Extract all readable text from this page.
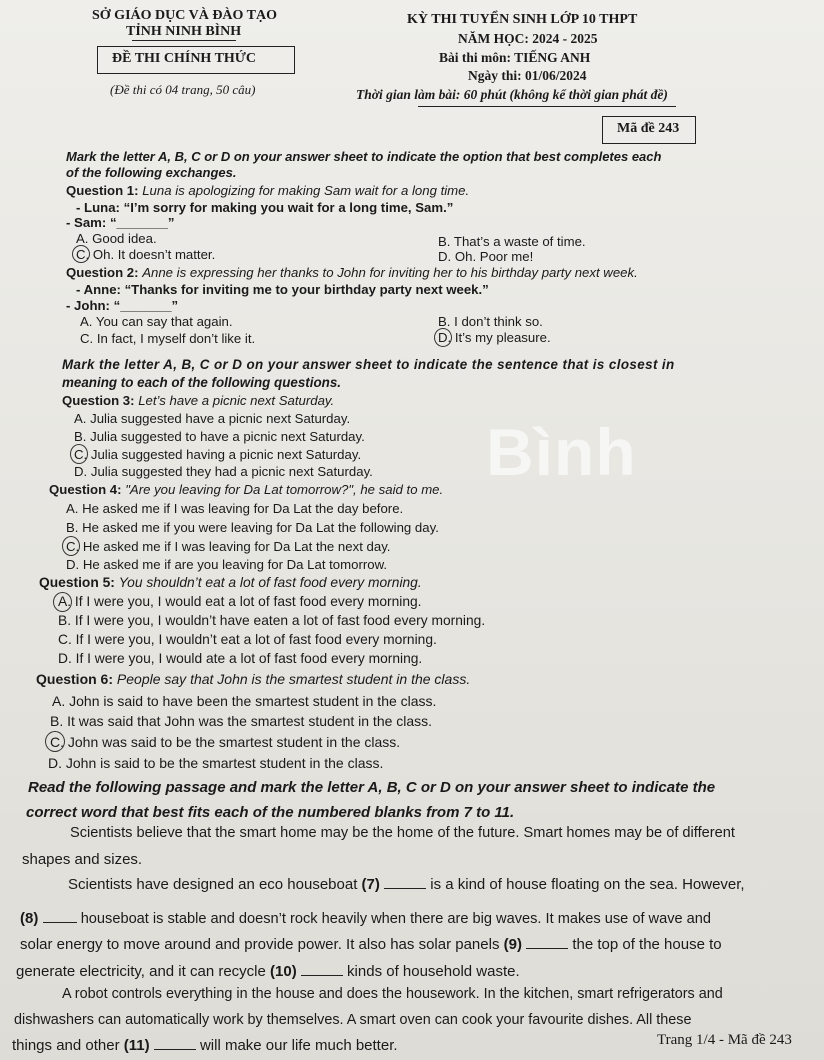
SỞ GIÁO DỤC VÀ ĐÀO TẠO
TỈNH NINH BÌNH
ĐỀ THI CHÍNH THỨC
(Đề thi có 04 trang, 50 câu)
KỲ THI TUYỂN SINH LỚP 10 THPT
NĂM HỌC: 2024 - 2025
Bài thi môn: TIẾNG ANH
Ngày thi: 01/06/2024
Thời gian làm bài: 60 phút (không kể thời gian phát đề)
Mã đề 243
Mark the letter A, B, C or D on your answer sheet to indicate the option that best completes each
of the following exchanges.
Question 1: Luna is apologizing for making Sam wait for a long time.
- Luna: “I’m sorry for making you wait for a long time, Sam.”
- Sam: “_______”
A. Good idea.	B. That’s a waste of time.
C. Oh. It doesn’t matter.	D. Oh. Poor me!
Question 2: Anne is expressing her thanks to John for inviting her to his birthday party next week.
- Anne: “Thanks for inviting me to your birthday party next week.”
- John: “_______”
A. You can say that again.	B. I don’t think so.
C. In fact, I myself don’t like it.	D. It’s my pleasure.
Mark the letter A, B, C or D on your answer sheet to indicate the sentence that is closest in
meaning to each of the following questions.
Question 3: Let’s have a picnic next Saturday.
A. Julia suggested have a picnic next Saturday.
B. Julia suggested to have a picnic next Saturday.
C. Julia suggested having a picnic next Saturday.
D. Julia suggested they had a picnic next Saturday. Bình
Question 4: "Are you leaving for Da Lat tomorrow?", he said to me.
A. He asked me if I was leaving for Da Lat the day before.
B. He asked me if you were leaving for Da Lat the following day.
C. He asked me if I was leaving for Da Lat the next day.
D. He asked me if are you leaving for Da Lat tomorrow.
Question 5: You shouldn’t eat a lot of fast food every morning.
A. If I were you, I would eat a lot of fast food every morning.
B. If I were you, I wouldn’t have eaten a lot of fast food every morning.
C. If I were you, I wouldn’t eat a lot of fast food every morning.
D. If I were you, I would ate a lot of fast food every morning.
Question 6: People say that John is the smartest student in the class.
A. John is said to have been the smartest student in the class.
B. It was said that John was the smartest student in the class.
C. John was said to be the smartest student in the class.
D. John is said to be the smartest student in the class.
Read the following passage and mark the letter A, B, C or D on your answer sheet to indicate the
correct word that best fits each of the numbered blanks from 7 to 11.
Scientists believe that the smart home may be the home of the future. Smart homes may be of different
shapes and sizes.
Scientists have designed an eco houseboat (7)	is a kind of house floating on the sea. However,
(8)	houseboat is stable and doesn’t rock heavily when there are big waves. It makes use of wave and
solar energy to move around and provide power. It also has solar panels (9)	the top of the house to
generate electricity, and it can recycle (10)	kinds of household waste.
A robot controls everything in the house and does the housework. In the kitchen, smart refrigerators and
dishwashers can automatically work by themselves. A smart oven can cook your favourite dishes. All these
things and other (11)	will make our life much better.	Trang 1/4 - Mã đề 243
